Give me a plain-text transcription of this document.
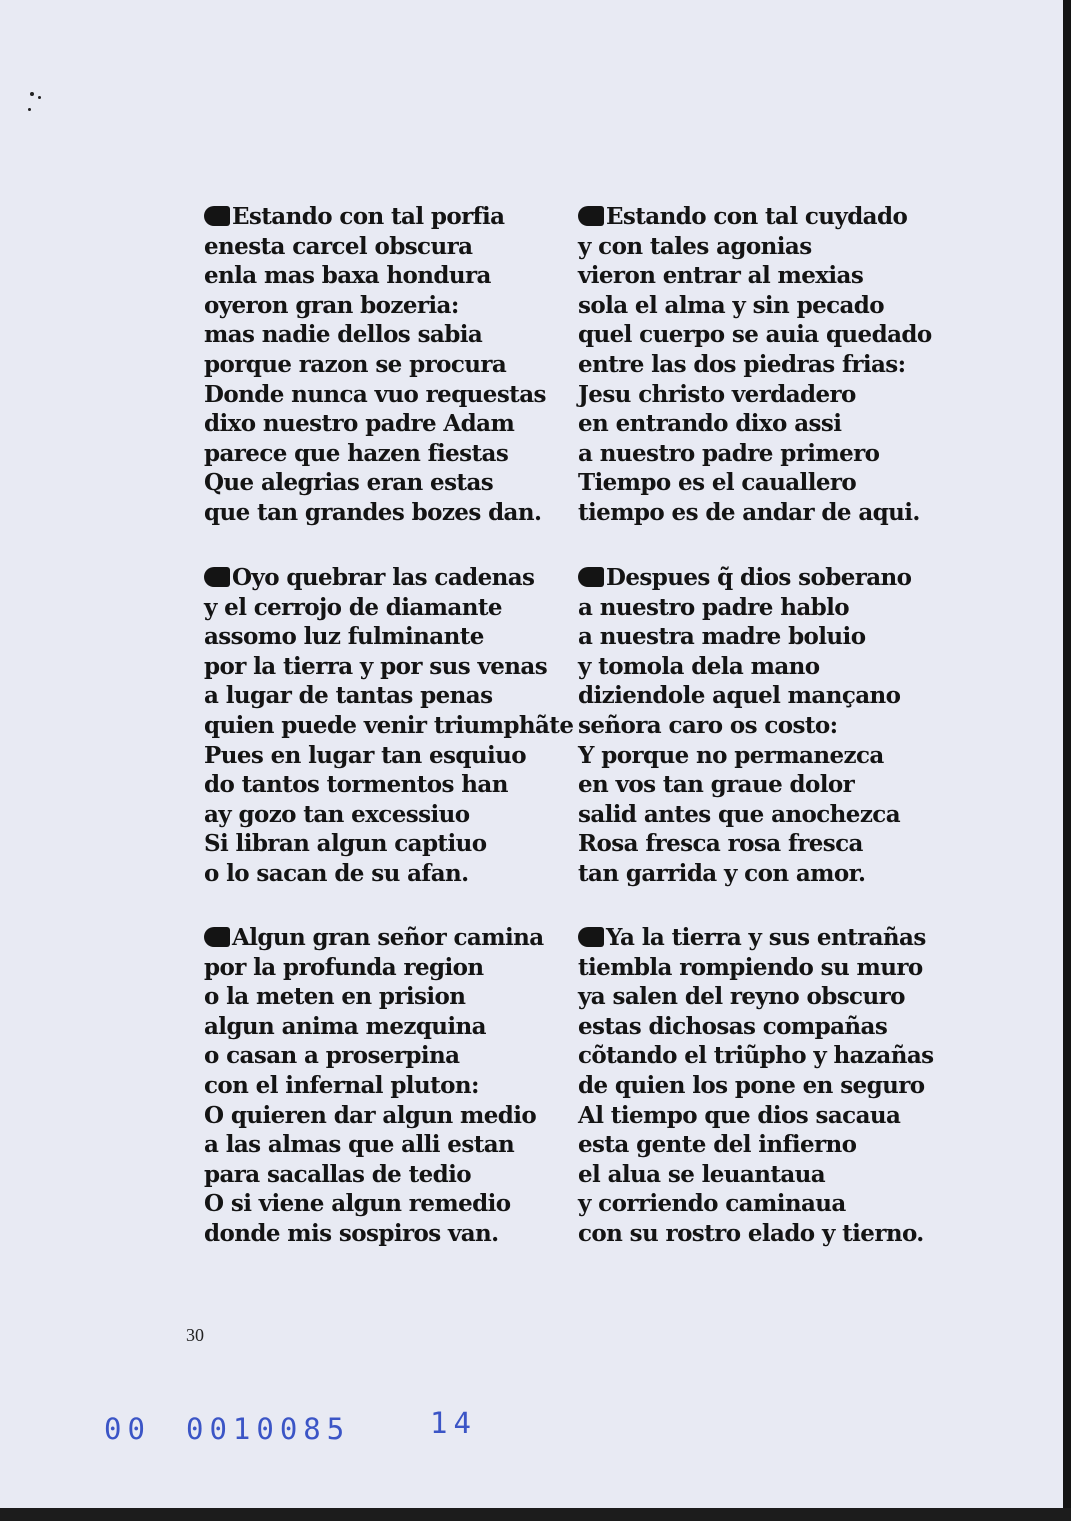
Estando con tal porfia
enesta carcel obscura
enla mas baxa hondura
oyeron gran bozeria:
mas nadie dellos sabia
porque razon se procura
Donde nunca vuo requestas
dixo nuestro padre Adam
parece que hazen fiestas
Que alegrias eran estas
que tan grandes bozes dan.
Estando con tal cuydado
y con tales agonias
vieron entrar al mexias
sola el alma y sin pecado
quel cuerpo se auia quedado
entre las dos piedras frias:
Jesu christo verdadero
en entrando dixo assi
a nuestro padre primero
Tiempo es el cauallero
tiempo es de andar de aqui.
Oyo quebrar las cadenas
y el cerrojo de diamante
assomo luz fulminante
por la tierra y por sus venas
a lugar de tantas penas
quien puede venir triumphãte
Pues en lugar tan esquiuo
do tantos tormentos han
ay gozo tan excessiuo
Si libran algun captiuo
o lo sacan de su afan.
Despues q̃ dios soberano
a nuestro padre hablo
a nuestra madre boluio
y tomola dela mano
diziendole aquel mançano
señora caro os costo:
Y porque no permanezca
en vos tan graue dolor
salid antes que anochezca
Rosa fresca rosa fresca
tan garrida y con amor.
Algun gran señor camina
por la profunda region
o la meten en prision
algun anima mezquina
o casan a proserpina
con el infernal pluton:
O quieren dar algun medio
a las almas que alli estan
para sacallas de tedio
O si viene algun remedio
donde mis sospiros van.
Ya la tierra y sus entrañas
tiembla rompiendo su muro
ya salen del reyno obscuro
estas dichosas compañas
cõtando el triũpho y hazañas
de quien los pone en seguro
Al tiempo que dios sacaua
esta gente del infierno
el alua se leuantaua
y corriendo caminaua
con su rostro elado y tierno.
30
00 0010085	14
